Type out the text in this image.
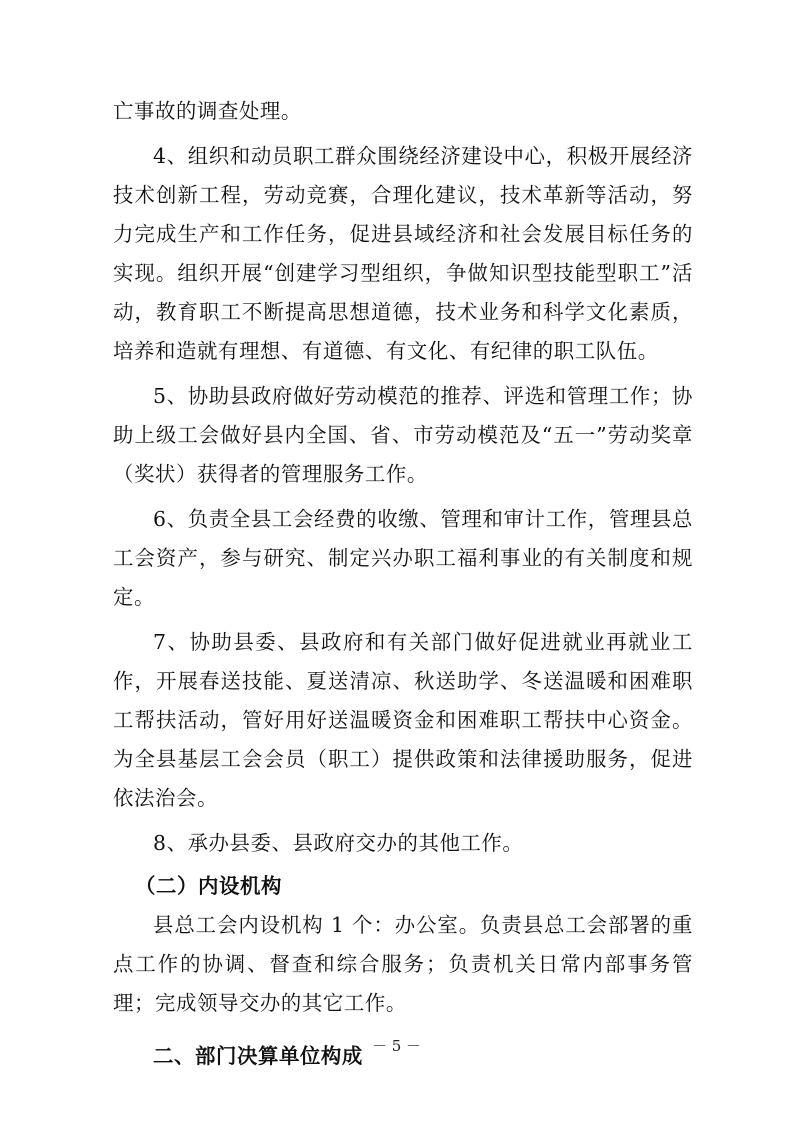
亡事故的调查处理。

4、组织和动员职工群众围绕经济建设中心，积极开展经济技术创新工程，劳动竞赛，合理化建议，技术革新等活动，努力完成生产和工作任务，促进县域经济和社会发展目标任务的实现。组织开展“创建学习型组织，争做知识型技能型职工”活动，教育职工不断提高思想道德，技术业务和科学文化素质，培养和造就有理想、有道德、有文化、有纪律的职工队伍。

5、协助县政府做好劳动模范的推荐、评选和管理工作；协助上级工会做好县内全国、省、市劳动模范及“五一”劳动奖章（奖状）获得者的管理服务工作。

6、负责全县工会经费的收缴、管理和审计工作，管理县总工会资产，参与研究、制定兴办职工福利事业的有关制度和规定。

7、协助县委、县政府和有关部门做好促进就业再就业工作，开展春送技能、夏送清凉、秋送助学、冬送温暖和困难职工帮扶活动，管好用好送温暖资金和困难职工帮扶中心资金。为全县基层工会会员（职工）提供政策和法律援助服务，促进依法治会。

8、承办县委、县政府交办的其他工作。

（二）内设机构

县总工会内设机构 1 个：办公室。负责县总工会部署的重点工作的协调、督查和综合服务；负责机关日常内部事务管理；完成领导交办的其它工作。

二、部门决算单位构成 － 5 －
